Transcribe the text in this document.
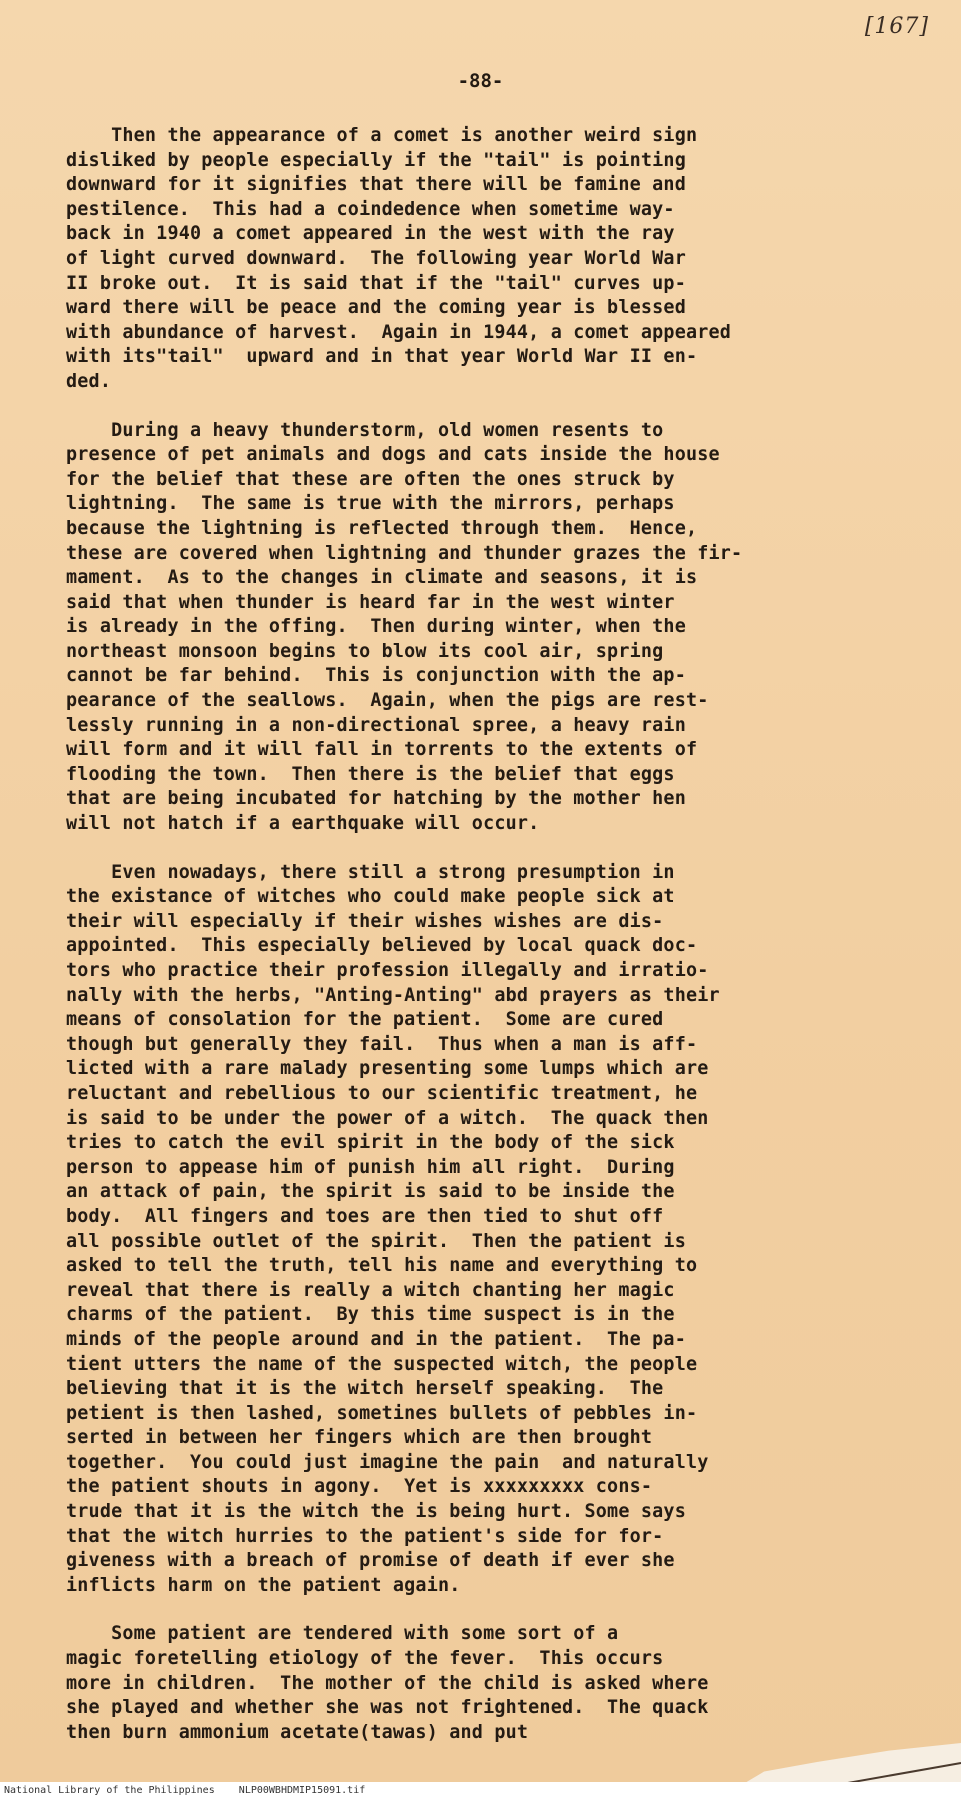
[167]
-88-

Then the appearance of a comet is another weird sign

disliked by people especially if the "tail" is pointing

downward for it signifies that there will be famine and

pestilence.  This had a coindedence when sometime way-

back in 1940 a comet appeared in the west with the ray

of light curved downward.  The following year World War

II broke out.  It is said that if the "tail" curves up-

ward there will be peace and the coming year is blessed

with abundance of harvest.  Again in 1944, a comet appeared

with its"tail"  upward and in that year World War II en-

ded.

During a heavy thunderstorm, old women resents to

presence of pet animals and dogs and cats inside the house

for the belief that these are often the ones struck by

lightning.  The same is true with the mirrors, perhaps

because the lightning is reflected through them.  Hence,

these are covered when lightning and thunder grazes the fir-

mament.  As to the changes in climate and seasons, it is

said that when thunder is heard far in the west winter

is already in the offing.  Then during winter, when the

northeast monsoon begins to blow its cool air, spring

cannot be far behind.  This is conjunction with the ap-

pearance of the seallows.  Again, when the pigs are rest-

lessly running in a non-directional spree, a heavy rain

will form and it will fall in torrents to the extents of

flooding the town.  Then there is the belief that eggs

that are being incubated for hatching by the mother hen

will not hatch if a earthquake will occur.

Even nowadays, there still a strong presumption in

the existance of witches who could make people sick at

their will especially if their wishes wishes are dis-

appointed.  This especially believed by local quack doc-

tors who practice their profession illegally and irratio-

nally with the herbs, "Anting-Anting" abd prayers as their

means of consolation for the patient.  Some are cured

though but generally they fail.  Thus when a man is aff-

licted with a rare malady presenting some lumps which are

reluctant and rebellious to our scientific treatment, he

is said to be under the power of a witch.  The quack then

tries to catch the evil spirit in the body of the sick

person to appease him of punish him all right.  During

an attack of pain, the spirit is said to be inside the

body.  All fingers and toes are then tied to shut off

all possible outlet of the spirit.  Then the patient is

asked to tell the truth, tell his name and everything to

reveal that there is really a witch chanting her magic

charms of the patient.  By this time suspect is in the

minds of the people around and in the patient.  The pa-

tient utters the name of the suspected witch, the people

believing that it is the witch herself speaking.  The

petient is then lashed, sometines bullets of pebbles in-

serted in between her fingers which are then brought

together.  You could just imagine the pain  and naturally

the patient shouts in agony.  Yet is xxxxxxxxx cons-

trude that it is the witch the is being hurt. Some says

that the witch hurries to the patient's side for for-

giveness with a breach of promise of death if ever she

inflicts harm on the patient again.

Some patient are tendered with some sort of a

magic foretelling etiology of the fever.  This occurs

more in children.  The mother of the child is asked where

she played and whether she was not frightened.  The quack

then burn ammonium acetate(tawas) and put

National Library of the Philippines    NLP00WBHDMIP15091.tif
